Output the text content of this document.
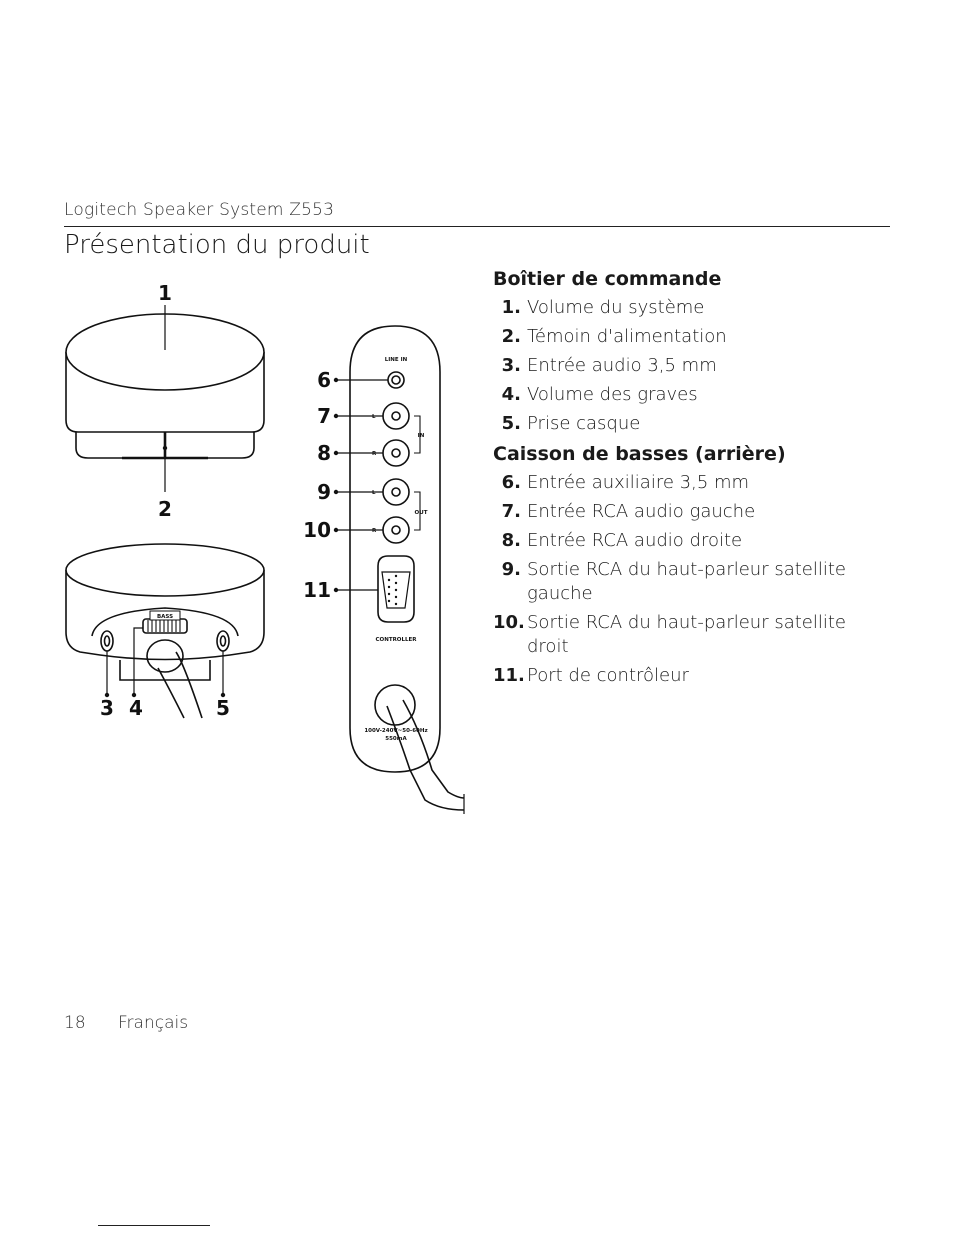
Logitech Speaker System Z553
Présentation du produit
BASS
LINE IN
IN
OUT
L
R
L
R
CONTROLLER
100V-240V~50-60Hz
550mA
1
2
3 4	5
6
7
8
9
10
11
Boîtier de commande
1. Volume du système
2. Témoin d'alimentation
3. Entrée audio 3,5 mm
4. Volume des graves
5. Prise casque
Caisson de basses (arrière)
6. Entrée auxiliaire 3,5 mm
7. Entrée RCA audio gauche
8. Entrée RCA audio droite
9. Sortie RCA du haut-parleur satellite gauche
10. Sortie RCA du haut-parleur satellite droit
11. Port de contrôleur
18 Français
